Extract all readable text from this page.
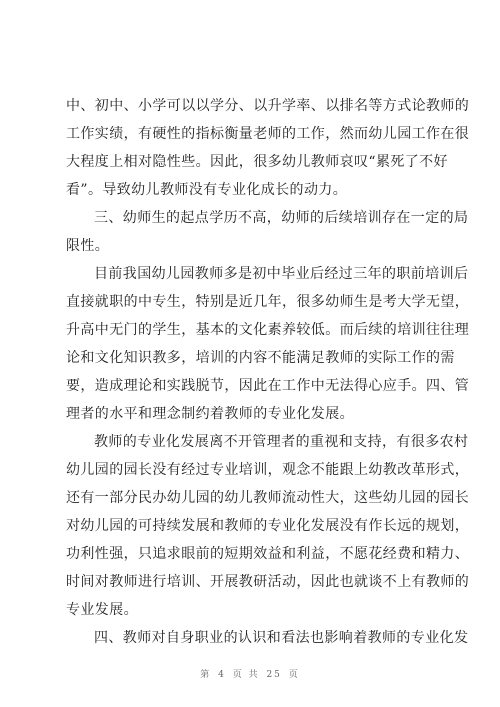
中、初中、小学可以以学分、以升学率、以排名等方式论教师的
工作实绩，有硬性的指标衡量老师的工作，然而幼儿园工作在很
大程度上相对隐性些。因此，很多幼儿教师哀叹“累死了不好
看”。导致幼儿教师没有专业化成长的动力。
三、幼师生的起点学历不高，幼师的后续培训存在一定的局
限性。
目前我国幼儿园教师多是初中毕业后经过三年的职前培训后
直接就职的中专生，特别是近几年，很多幼师生是考大学无望，
升高中无门的学生，基本的文化素养较低。而后续的培训往往理
论和文化知识教多，培训的内容不能满足教师的实际工作的需
要，造成理论和实践脱节，因此在工作中无法得心应手。四、管
理者的水平和理念制约着教师的专业化发展。
教师的专业化发展离不开管理者的重视和支持，有很多农村
幼儿园的园长没有经过专业培训，观念不能跟上幼教改革形式，
还有一部分民办幼儿园的幼儿教师流动性大，这些幼儿园的园长
对幼儿园的可持续发展和教师的专业化发展没有作长远的规划，
功利性强，只追求眼前的短期效益和利益，不愿花经费和精力、
时间对教师进行培训、开展教研活动，因此也就谈不上有教师的
专业发展。
四、教师对自身职业的认识和看法也影响着教师的专业化发
第 4 页 共 25 页
